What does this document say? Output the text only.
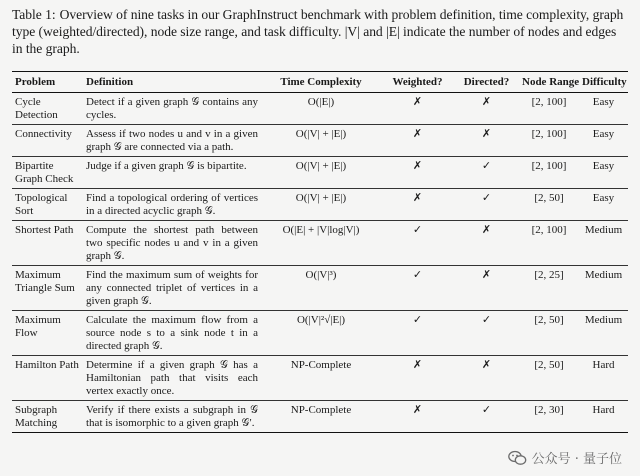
Table 1: Overview of nine tasks in our GraphInstruct benchmark with problem definition, time complexity, graph type (weighted/directed), node size range, and task difficulty. |V| and |E| indicate the number of nodes and edges in the graph.
Problem	Definition	Time Complexity	Weighted?	Directed?	Node Range	Difficulty
Cycle Detection	Detect if a given graph 𝒢 contains any cycles.	O(|E|)	✗	✗	[2, 100]	Easy
Connectivity	Assess if two nodes u and v in a given graph 𝒢 are connected via a path.	O(|V| + |E|)	✗	✗	[2, 100]	Easy
Bipartite Graph Check	Judge if a given graph 𝒢 is bipartite.	O(|V| + |E|)	✗	✓	[2, 100]	Easy
Topological Sort	Find a topological ordering of vertices in a directed acyclic graph 𝒢.	O(|V| + |E|)	✗	✓	[2, 50]	Easy
Shortest Path	Compute the shortest path between two specific nodes u and v in a given graph 𝒢.	O(|E| + |V|log|V|)	✓	✗	[2, 100]	Medium
Maximum Triangle Sum	Find the maximum sum of weights for any connected triplet of vertices in a given graph 𝒢.	O(|V|³)	✓	✗	[2, 25]	Medium
Maximum Flow	Calculate the maximum flow from a source node s to a sink node t in a directed graph 𝒢.	O(|V|²√|E|)	✓	✓	[2, 50]	Medium
Hamilton Path	Determine if a given graph 𝒢 has a Hamiltonian path that visits each vertex exactly once.	NP-Complete	✗	✗	[2, 50]	Hard
Subgraph Matching	Verify if there exists a subgraph in 𝒢 that is isomorphic to a given graph 𝒢′.	NP-Complete	✗	✓	[2, 30]	Hard
公众号 · 量子位
